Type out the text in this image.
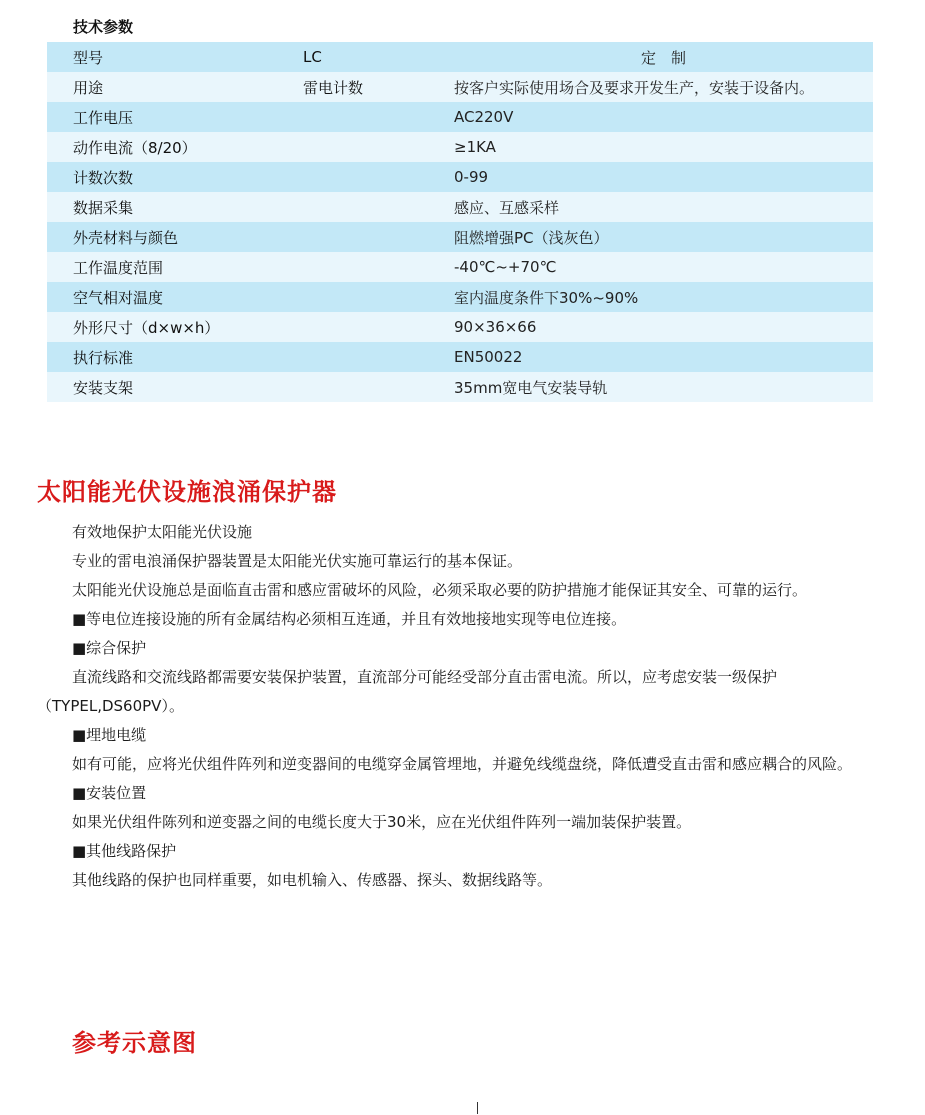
技术参数
型号	LC	定　制
用途	雷电计数	按客户实际使用场合及要求开发生产，安装于设备内。
工作电压		AC220V
动作电流（8/20）		≥1KA
计数次数		0-99
数据采集		感应、互感采样
外壳材料与颜色		阻燃增强PC（浅灰色）
工作温度范围		-40℃~+70℃
空气相对温度		室内温度条件下30%~90%
外形尺寸（d×w×h）		90×36×66
执行标准		EN50022
安装支架		35mm宽电气安装导轨
太阳能光伏设施浪涌保护器

有效地保护太阳能光伏设施

专业的雷电浪涌保护器装置是太阳能光伏实施可靠运行的基本保证。

太阳能光伏设施总是面临直击雷和感应雷破坏的风险，必须采取必要的防护措施才能保证其安全、可靠的运行。

■等电位连接设施的所有金属结构必须相互连通，并且有效地接地实现等电位连接。

■综合保护

直流线路和交流线路都需要安装保护装置，直流部分可能经受部分直击雷电流。所以，应考虑安装一级保护（TYPEL,DS60PV）。

■埋地电缆

如有可能，应将光伏组件阵列和逆变器间的电缆穿金属管埋地，并避免线缆盘绕，降低遭受直击雷和感应耦合的风险。

■安装位置

如果光伏组件陈列和逆变器之间的电缆长度大于30米，应在光伏组件阵列一端加装保护装置。

■其他线路保护

其他线路的保护也同样重要，如电机输入、传感器、探头、数据线路等。

参考示意图
